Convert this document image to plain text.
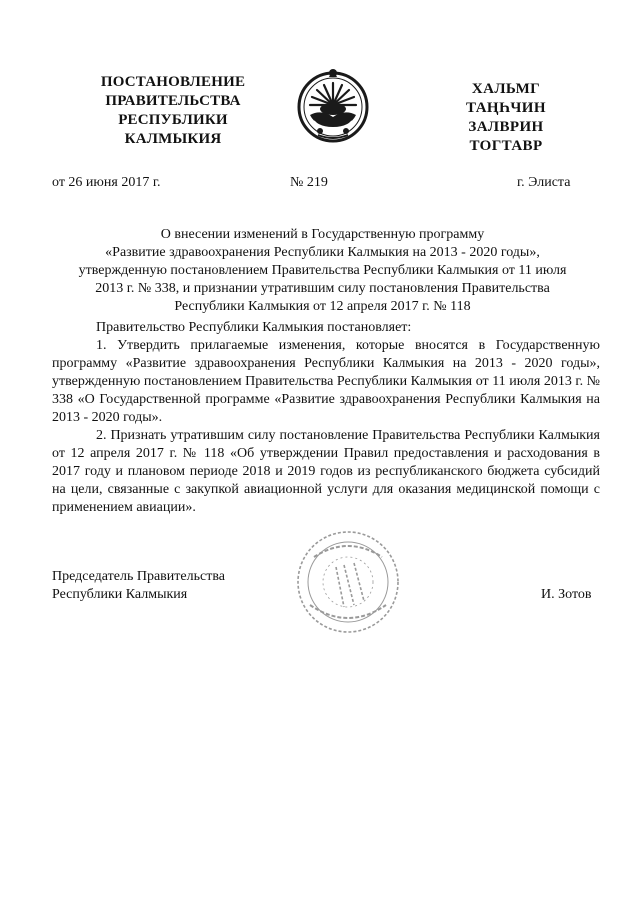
ПОСТАНОВЛЕНИЕ
ПРАВИТЕЛЬСТВА
РЕСПУБЛИКИ
КАЛМЫКИЯ
ХАЛЬМГ
ТАҢҺЧИН
ЗАЛВРИН
ТОГТАВР
от 26 июня 2017 г.	№ 219	г. Элиста
О внесении изменений в Государственную программу
«Развитие здравоохранения Республики Калмыкия на 2013 - 2020 годы»,
утвержденную постановлением Правительства Республики Калмыкия от 11 июля
2013 г. № 338, и признании утратившим силу постановления Правительства
Республики Калмыкия от 12 апреля 2017 г. № 118

Правительство Республики Калмыкия постановляет:

1. Утвердить прилагаемые изменения, которые вносятся в Государственную программу «Развитие здравоохранения Республики Калмыкия на 2013 - 2020 годы», утвержденную постановлением Правительства Республики Калмыкия от 11 июля 2013 г. № 338 «О Государственной программе «Развитие здравоохранения Республики Калмыкия на 2013 - 2020 годы».

2. Признать утратившим силу постановление Правительства Республики Калмыкия от 12 апреля 2017 г. № 118 «Об утверждении Правил предоставления и расходования в 2017 году и плановом периоде 2018 и 2019 годов из республиканского бюджета субсидий на цели, связанные с закупкой авиационной услуги для оказания медицинской помощи с применением авиации».

Председатель Правительства
Республики Калмыкия	И. Зотов
